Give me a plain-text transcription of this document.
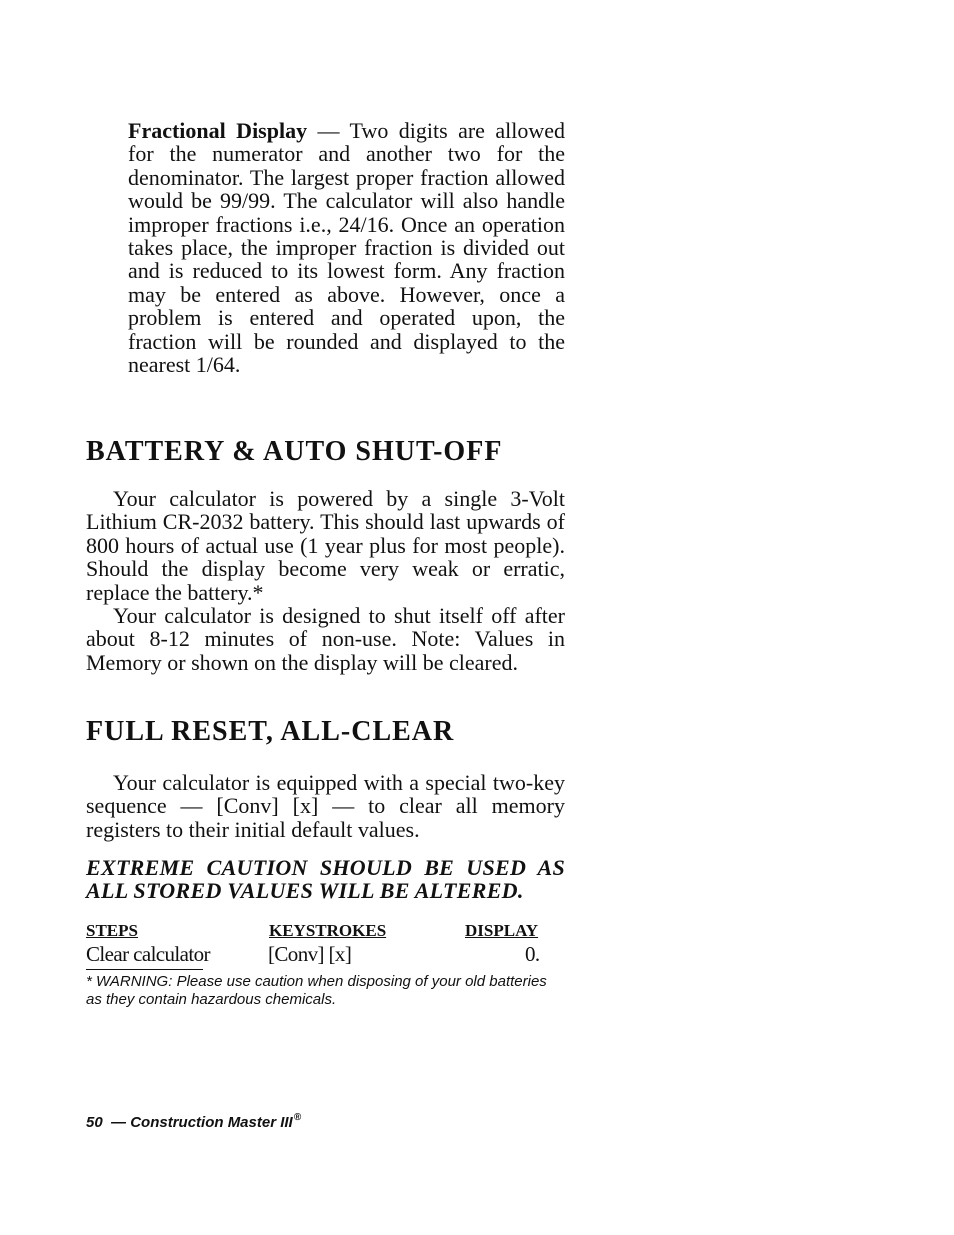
Fractional Display — Two digits are allowed for the numerator and another two for the denominator. The largest proper fraction allowed would be 99/99. The calculator will also handle improper fractions i.e., 24/16. Once an operation takes place, the improper fraction is divided out and is reduced to its lowest form. Any fraction may be entered as above. However, once a problem is entered and operated upon, the fraction will be rounded and displayed to the nearest 1/64.
BATTERY & AUTO SHUT-OFF

Your calculator is powered by a single 3-Volt Lithium CR-2032 battery. This should last upwards of 800 hours of actual use (1 year plus for most people). Should the display become very weak or erratic, replace the battery.*

Your calculator is designed to shut itself off after about 8-12 minutes of non-use. Note: Values in Memory or shown on the display will be cleared.

FULL RESET, ALL-CLEAR

Your calculator is equipped with a special two-key sequence — [Conv] [x] — to clear all memory registers to their initial default values.

EXTREME CAUTION SHOULD BE USED AS ALL STORED VALUES WILL BE ALTERED.
STEPS	KEYSTROKES	DISPLAY
Clear calculator	[Conv] [x]	0.
* WARNING: Please use caution when disposing of your old batteries as they contain hazardous chemicals.
50 — Construction Master III®
